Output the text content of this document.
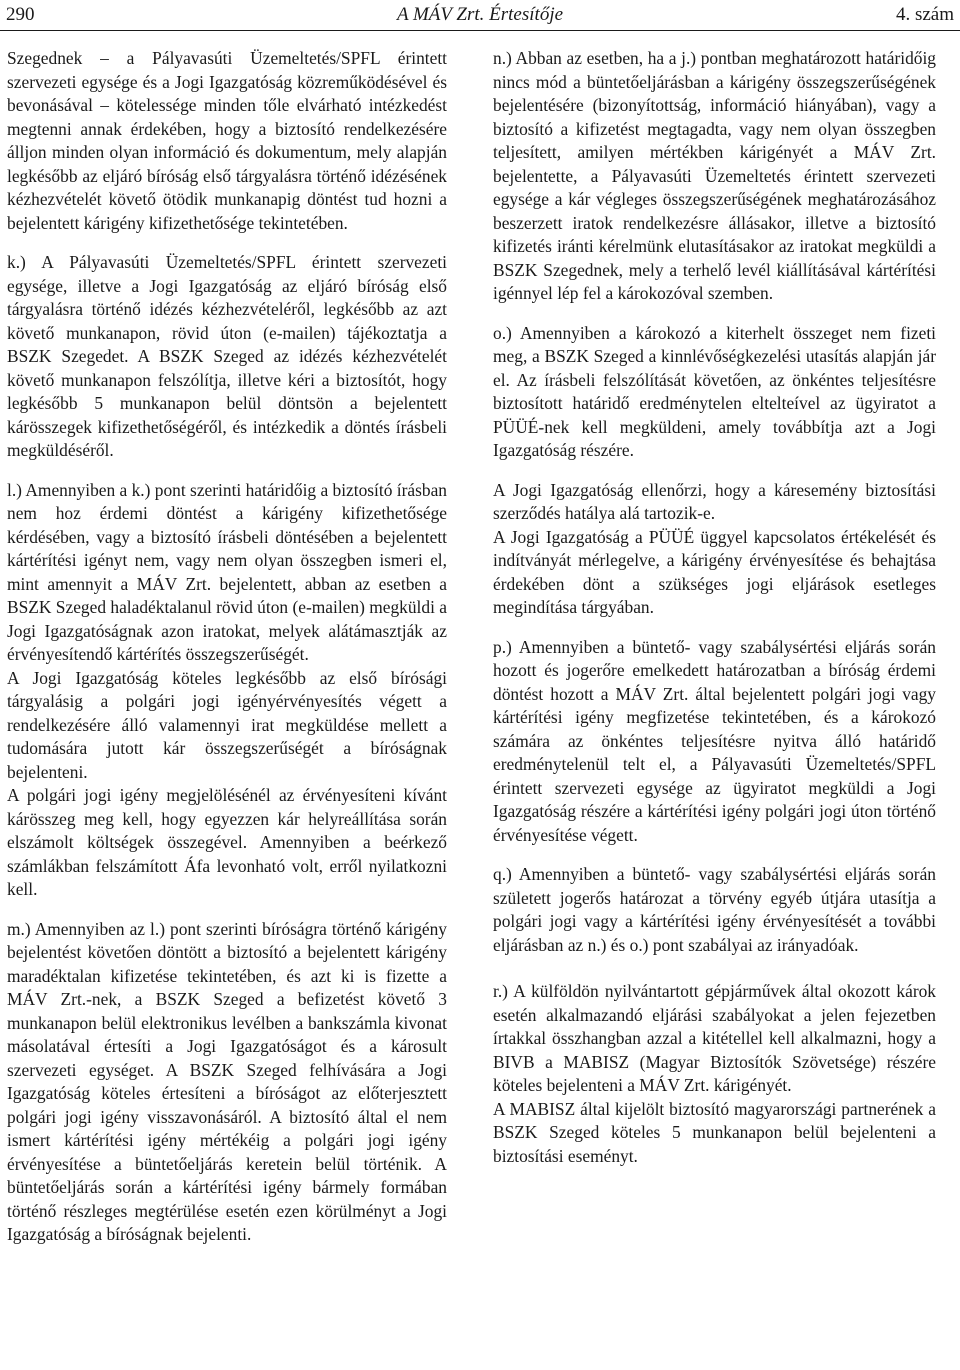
290	A MÁV Zrt. Értesítője	4. szám

Szegednek – a Pályavasúti Üzemeltetés/SPFL érintett szervezeti egysége és a Jogi Igazgatóság közreműködésével és bevonásával – kötelessége minden tőle elvárható intézkedést megtenni annak érdekében, hogy a biztosító rendelkezésére álljon minden olyan információ és dokumentum, mely alapján legkésőbb az eljáró bíróság első tárgyalásra történő idézésének kézhezvételét követő ötödik munkanapig döntést tud hozni a bejelentett kárigény kifizethetősége tekintetében.

k.) A Pályavasúti Üzemeltetés/SPFL érintett szervezeti egysége, illetve a Jogi Igazgatóság az eljáró bíróság első tárgyalásra történő idézés kézhezvételéről, legkésőbb az azt követő munkanapon, rövid úton (e-mailen) tájékoztatja a BSZK Szegedet. A BSZK Szeged az idézés kézhezvételét követő munkanapon felszólítja, illetve kéri a biztosítót, hogy legkésőbb 5 munkanapon belül döntsön a bejelentett kárösszegek kifizethetőségéről, és intézkedik a döntés írásbeli megküldéséről.

l.) Amennyiben a k.) pont szerinti határidőig a biztosító írásban nem hoz érdemi döntést a kárigény kifizethetősége kérdésében, vagy a biztosító írásbeli döntésében a bejelentett kártérítési igényt nem, vagy nem olyan összegben ismeri el, mint amennyit a MÁV Zrt. bejelentett, abban az esetben a BSZK Szeged haladéktalanul rövid úton (e-mailen) megküldi a Jogi Igazgatóságnak azon iratokat, melyek alátámasztják az érvényesítendő kártérítés összegszerűségét.

A Jogi Igazgatóság köteles legkésőbb az első bírósági tárgyalásig a polgári jogi igényérvényesítés végett a rendelkezésére álló valamennyi irat megküldése mellett a tudomására jutott kár összegszerűségét a bíróságnak bejelenteni.

A polgári jogi igény megjelölésénél az érvényesíteni kívánt kárösszeg meg kell, hogy egyezzen kár helyreállítása során elszámolt költségek összegével. Amennyiben a beérkező számlákban felszámított Áfa levonható volt, erről nyilatkozni kell.

m.) Amennyiben az l.) pont szerinti bíróságra történő kárigény bejelentést követően döntött a biztosító a bejelentett kárigény maradéktalan kifizetése tekintetében, és azt ki is fizette a MÁV Zrt.-nek, a BSZK Szeged a befizetést követő 3 munkanapon belül elektronikus levélben a bankszámla kivonat másolatával értesíti a Jogi Igazgatóságot és a károsult szervezeti egységet. A BSZK Szeged felhívására a Jogi Igazgatóság köteles értesíteni a bíróságot az előterjesztett polgári jogi igény visszavonásáról. A biztosító által el nem ismert kártérítési igény mértékéig a polgári jogi igény érvényesítése a büntetőeljárás keretein belül történik. A büntetőeljárás során a kártérítési igény bármely formában történő részleges megtérülése esetén ezen körülményt a Jogi Igazgatóság a bíróságnak bejelenti.

n.) Abban az esetben, ha a j.) pontban meghatározott határidőig nincs mód a büntetőeljárásban a kárigény összegszerűségének bejelentésére (bizonyítottság, információ hiányában), vagy a biztosító a kifizetést megtagadta, vagy nem olyan összegben teljesített, amilyen mértékben kárigényét a MÁV Zrt. bejelentette, a Pályavasúti Üzemeltetés érintett szervezeti egysége a kár végleges összegszerűségének meghatározásához beszerzett iratok rendelkezésre állásakor, illetve a biztosító kifizetés iránti kérelmünk elutasításakor az iratokat megküldi a BSZK Szegednek, mely a terhelő levél kiállításával kártérítési igénnyel lép fel a károkozóval szemben.

o.) Amennyiben a károkozó a kiterhelt összeget nem fizeti meg, a BSZK Szeged a kinnlévőségkezelési utasítás alapján jár el. Az írásbeli felszólítását követően, az önkéntes teljesítésre biztosított határidő eredménytelen eltelteível az ügyiratot a PÜÜÉ-nek kell megküldeni, amely továbbítja azt a Jogi Igazgatóság részére.

A Jogi Igazgatóság ellenőrzi, hogy a káresemény biztosítási szerződés hatálya alá tartozik-e.

A Jogi Igazgatóság a PÜÜÉ üggyel kapcsolatos értékelését és indítványát mérlegelve, a kárigény érvényesítése és behajtása érdekében dönt a szükséges jogi eljárások esetleges megindítása tárgyában.

p.) Amennyiben a büntető- vagy szabálysértési eljárás során hozott és jogerőre emelkedett határozatban a bíróság érdemi döntést hozott a MÁV Zrt. által bejelentett polgári jogi vagy kártérítési igény megfizetése tekintetében, és a károkozó számára az önkéntes teljesítésre nyitva álló határidő eredménytelenül telt el, a Pályavasúti Üzemeltetés/SPFL érintett szervezeti egysége az ügyiratot megküldi a Jogi Igazgatóság részére a kártérítési igény polgári jogi úton történő érvényesítése végett.

q.) Amennyiben a büntető- vagy szabálysértési eljárás során született jogerős határozat a törvény egyéb útjára utasítja a polgári jogi vagy a kártérítési igény érvényesítését a további eljárásban az n.) és o.) pont szabályai az irányadóak.

r.) A külföldön nyilvántartott gépjárművek által okozott károk esetén alkalmazandó eljárási szabályokat a jelen fejezetben írtakkal összhangban azzal a kitétellel kell alkalmazni, hogy a BIVB a MABISZ (Magyar Biztosítók Szövetsége) részére köteles bejelenteni a MÁV Zrt. kárigényét.

A MABISZ által kijelölt biztosító magyarországi partnerének a BSZK Szeged köteles 5 munkanapon belül bejelenteni a biztosítási eseményt.
